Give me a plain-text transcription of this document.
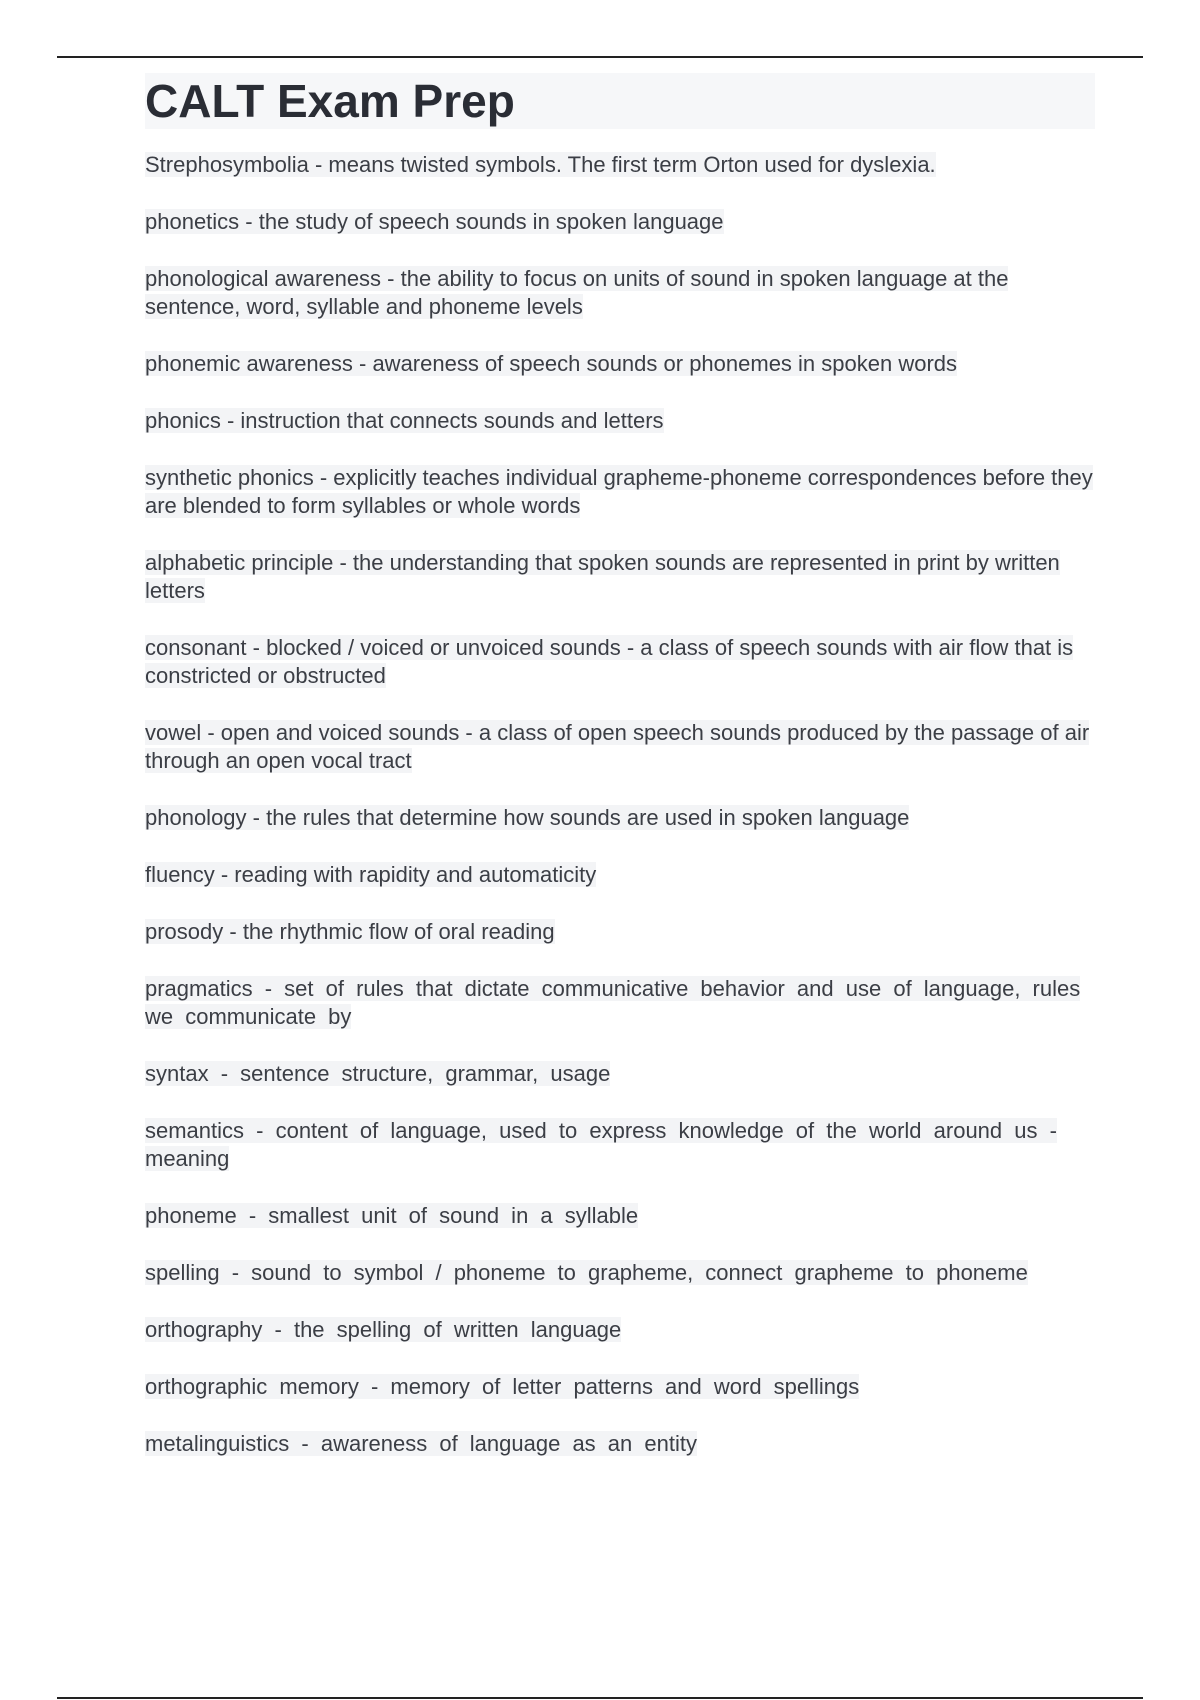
CALT Exam Prep

Strephosymbolia - means twisted symbols. The first term Orton used for dyslexia.

phonetics - the study of speech sounds in spoken language

phonological awareness - the ability to focus on units of sound in spoken language at the sentence, word, syllable and phoneme levels

phonemic awareness - awareness of speech sounds or phonemes in spoken words

phonics - instruction that connects sounds and letters

synthetic phonics - explicitly teaches individual grapheme-phoneme correspondences before they are blended to form syllables or whole words

alphabetic principle - the understanding that spoken sounds are represented in print by written letters

consonant - blocked / voiced or unvoiced sounds - a class of speech sounds with air flow that is constricted or obstructed

vowel - open and voiced sounds - a class of open speech sounds produced by the passage of air through an open vocal tract

phonology - the rules that determine how sounds are used in spoken language

fluency - reading with rapidity and automaticity

prosody - the rhythmic flow of oral reading

pragmatics - set of rules that dictate communicative behavior and use of language, rules we communicate by

syntax - sentence structure, grammar, usage

semantics - content of language, used to express knowledge of the world around us -meaning

phoneme - smallest unit of sound in a syllable

spelling - sound to symbol / phoneme to grapheme, connect grapheme to phoneme

orthography - the spelling of written language

orthographic memory - memory of letter patterns and word spellings

metalinguistics - awareness of language as an entity
